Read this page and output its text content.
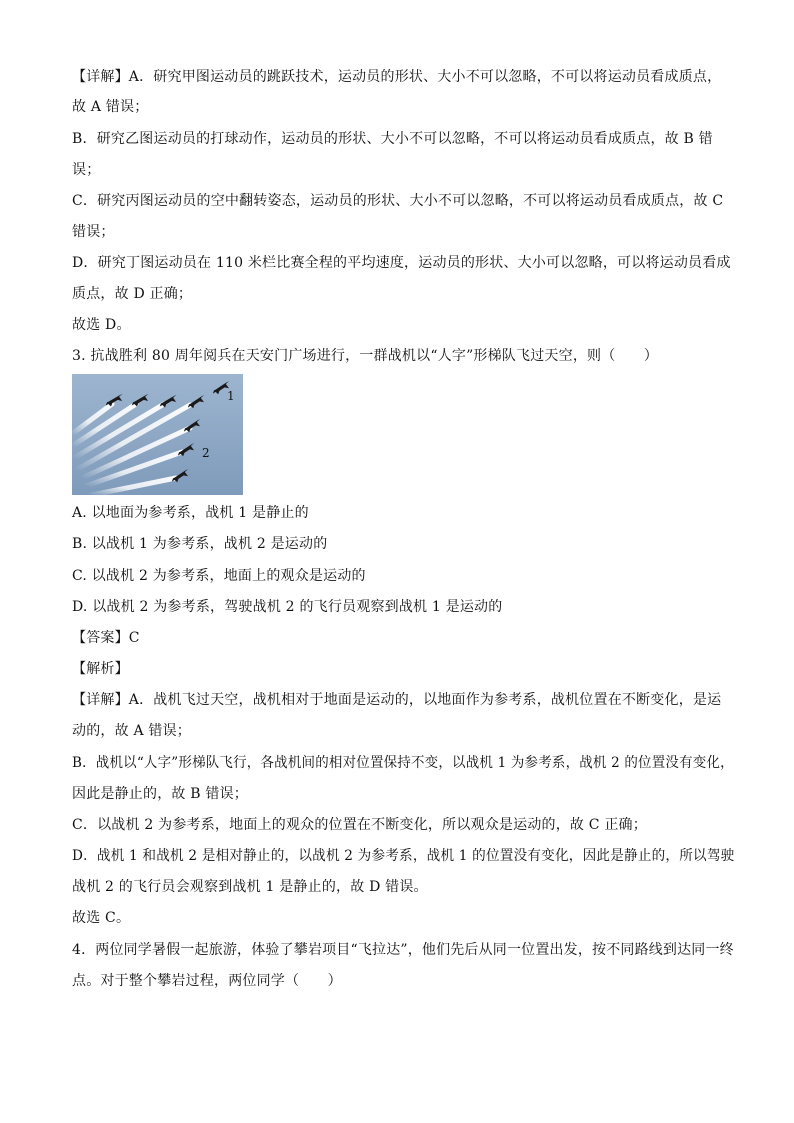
【详解】A．研究甲图运动员的跳跃技术，运动员的形状、大小不可以忽略，不可以将运动员看成质点，
故 A 错误；
B．研究乙图运动员的打球动作，运动员的形状、大小不可以忽略，不可以将运动员看成质点，故 B 错
误；
C．研究丙图运动员的空中翻转姿态，运动员的形状、大小不可以忽略，不可以将运动员看成质点，故 C
错误；
D．研究丁图运动员在 110 米栏比赛全程的平均速度，运动员的形状、大小可以忽略，可以将运动员看成
质点，故 D 正确；
故选 D。
3. 抗战胜利 80 周年阅兵在天安门广场进行，一群战机以“人字”形梯队飞过天空，则（　　）
1
2
A. 以地面为参考系，战机 1 是静止的
B. 以战机 1 为参考系，战机 2 是运动的
C. 以战机 2 为参考系，地面上的观众是运动的
D. 以战机 2 为参考系，驾驶战机 2 的飞行员观察到战机 1 是运动的
【答案】C
【解析】
【详解】A．战机飞过天空，战机相对于地面是运动的，以地面作为参考系，战机位置在不断变化，是运
动的，故 A 错误；
B．战机以“人字”形梯队飞行，各战机间的相对位置保持不变，以战机 1 为参考系，战机 2 的位置没有变化，
因此是静止的，故 B 错误；
C．以战机 2 为参考系，地面上的观众的位置在不断变化，所以观众是运动的，故 C 正确；
D．战机 1 和战机 2 是相对静止的，以战机 2 为参考系，战机 1 的位置没有变化，因此是静止的，所以驾驶
战机 2 的飞行员会观察到战机 1 是静止的，故 D 错误。
故选 C。
4．两位同学暑假一起旅游，体验了攀岩项目“飞拉达”，他们先后从同一位置出发，按不同路线到达同一终
点。对于整个攀岩过程，两位同学（　　）
